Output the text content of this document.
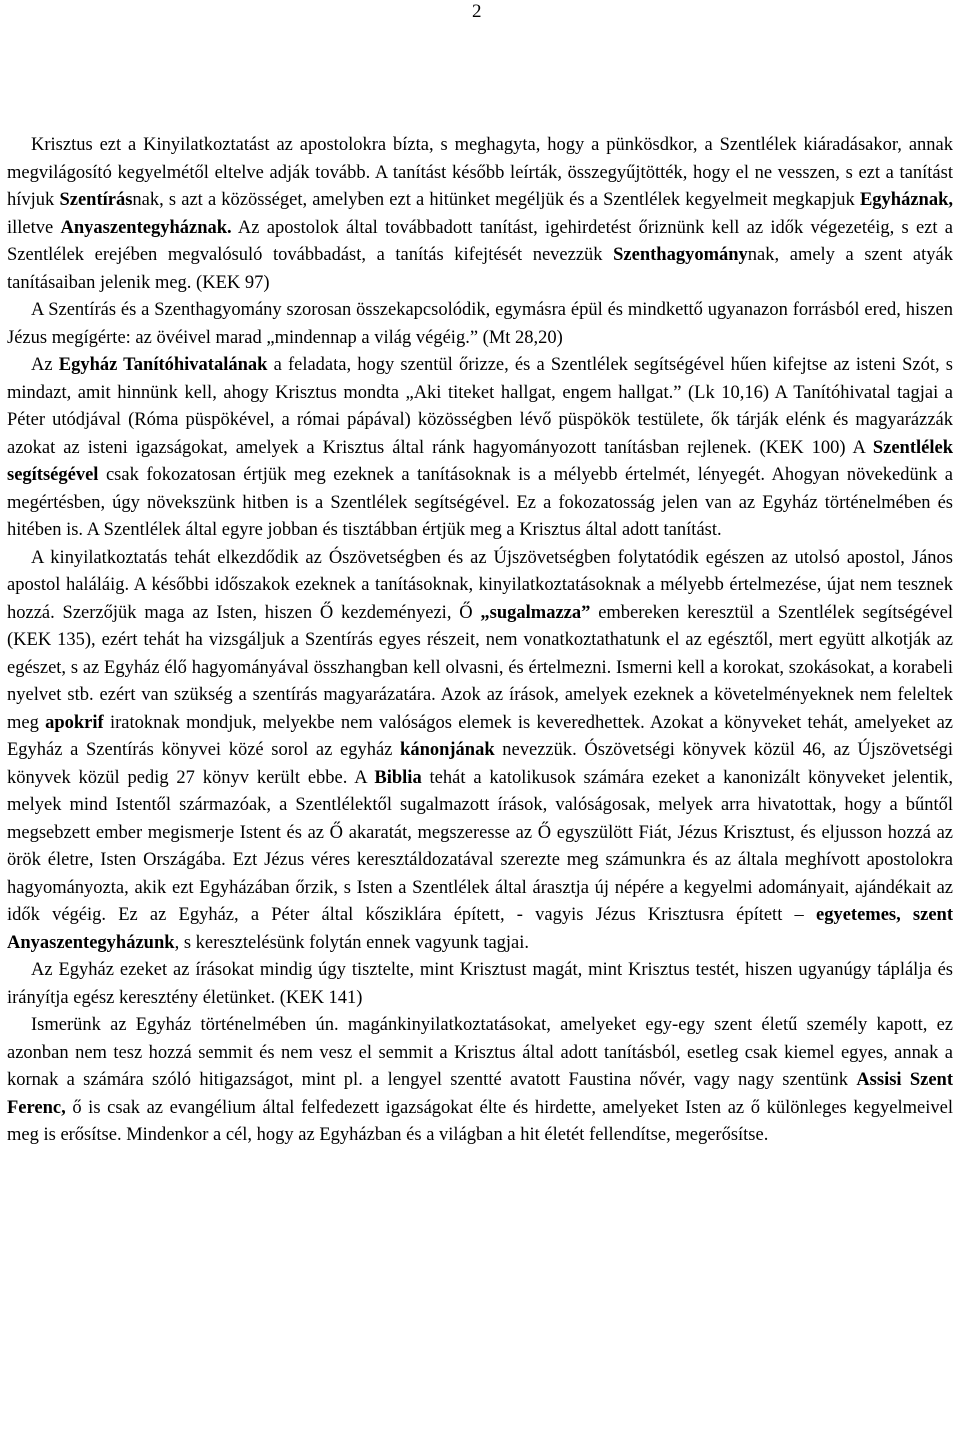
2

Krisztus ezt a Kinyilatkoztatást az apostolokra bízta, s meghagyta, hogy a pünkösdkor, a Szentlélek kiáradásakor, annak megvilágosító kegyelmétől eltelve adják tovább. A tanítást később leírták, összegyűjtötték, hogy el ne vesszen, s ezt a tanítást hívjuk Szentírásnak, s azt a közösséget, amelyben ezt a hitünket megéljük és a Szentlélek kegyelmeit megkapjuk Egyháznak, illetve Anyaszentegyháznak. Az apostolok által továbbadott tanítást, igehirdetést őriznünk kell az idők végezetéig, s ezt a Szentlélek erejében megvalósuló továbbadást, a tanítás kifejtését nevezzük Szenthagyománynak, amely a szent atyák tanításaiban jelenik meg. (KEK 97)

A Szentírás és a Szenthagyomány szorosan összekapcsolódik, egymásra épül és mindkettő ugyanazon forrásból ered, hiszen Jézus megígérte: az övéivel marad „mindennap a világ végéig.” (Mt 28,20)

Az Egyház Tanítóhivatalának a feladata, hogy szentül őrizze, és a Szentlélek segítségével hűen kifejtse az isteni Szót, s mindazt, amit hinnünk kell, ahogy Krisztus mondta „Aki titeket hallgat, engem hallgat.” (Lk 10,16) A Tanítóhivatal tagjai a Péter utódjával (Róma püspökével, a római pápával) közösségben lévő püspökök testülete, ők tárják elénk és magyarázzák azokat az isteni igazságokat, amelyek a Krisztus által ránk hagyományozott tanításban rejlenek. (KEK 100) A Szentlélek segítségével csak fokozatosan értjük meg ezeknek a tanításoknak is a mélyebb értelmét, lényegét. Ahogyan növekedünk a megértésben, úgy növekszünk hitben is a Szentlélek segítségével. Ez a fokozatosság jelen van az Egyház történelmében és hitében is. A Szentlélek által egyre jobban és tisztábban értjük meg a Krisztus által adott tanítást.

A kinyilatkoztatás tehát elkezdődik az Ószövetségben és az Újszövetségben folytatódik egészen az utolsó apostol, János apostol haláláig. A későbbi időszakok ezeknek a tanításoknak, kinyilatkoztatásoknak a mélyebb értelmezése, újat nem tesznek hozzá. Szerzőjük maga az Isten, hiszen Ő kezdeményezi, Ő „sugalmazza” embereken keresztül a Szentlélek segítségével (KEK 135), ezért tehát ha vizsgáljuk a Szentírás egyes részeit, nem vonatkoztathatunk el az egésztől, mert együtt alkotják az egészet, s az Egyház élő hagyományával összhangban kell olvasni, és értelmezni. Ismerni kell a korokat, szokásokat, a korabeli nyelvet stb. ezért van szükség a szentírás magyarázatára. Azok az írások, amelyek ezeknek a követelményeknek nem feleltek meg apokrif iratoknak mondjuk, melyekbe nem valóságos elemek is keveredhettek. Azokat a könyveket tehát, amelyeket az Egyház a Szentírás könyvei közé sorol az egyház kánonjának nevezzük. Ószövetségi könyvek közül 46, az Újszövetségi könyvek közül pedig 27 könyv került ebbe. A Biblia tehát a katolikusok számára ezeket a kanonizált könyveket jelentik, melyek mind Istentől származóak, a Szentlélektől sugalmazott írások, valóságosak, melyek arra hivatottak, hogy a bűntől megsebzett ember megismerje Istent és az Ő akaratát, megszeresse az Ő egyszülött Fiát, Jézus Krisztust, és eljusson hozzá az örök életre, Isten Országába. Ezt Jézus véres keresztáldozatával szerezte meg számunkra és az általa meghívott apostolokra hagyományozta, akik ezt Egyházában őrzik, s Isten a Szentlélek által árasztja új népére a kegyelmi adományait, ajándékait az idők végéig. Ez az Egyház, a Péter által kősziklára épített, - vagyis Jézus Krisztusra épített – egyetemes, szent Anyaszentegyházunk, s keresztelésünk folytán ennek vagyunk tagjai.

Az Egyház ezeket az írásokat mindig úgy tisztelte, mint Krisztust magát, mint Krisztus testét, hiszen ugyanúgy táplálja és irányítja egész keresztény életünket. (KEK 141)

Ismerünk az Egyház történelmében ún. magánkinyilatkoztatásokat, amelyeket egy-egy szent életű személy kapott, ez azonban nem tesz hozzá semmit és nem vesz el semmit a Krisztus által adott tanításból, esetleg csak kiemel egyes, annak a kornak a számára szóló hitigazságot, mint pl. a lengyel szentté avatott Faustina nővér, vagy nagy szentünk Assisi Szent Ferenc, ő is csak az evangélium által felfedezett igazságokat élte és hirdette, amelyeket Isten az ő különleges kegyelmeivel meg is erősítse. Mindenkor a cél, hogy az Egyházban és a világban a hit életét fellendítse, megerősítse.
